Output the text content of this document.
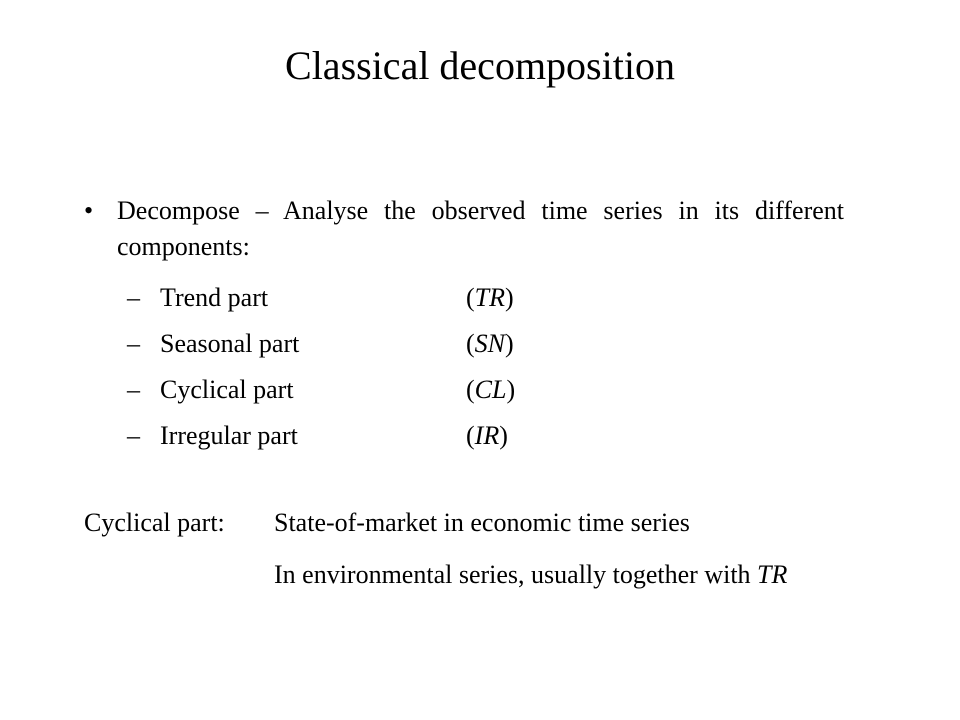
Classical decomposition
• Decompose – Analyse the observed time series in its different components:
– Trend part	(TR)
– Seasonal part	(SN)
– Cyclical part	(CL)
– Irregular part	(IR)
Cyclical part: State-of-market in economic time series
In environmental series, usually together with TR
